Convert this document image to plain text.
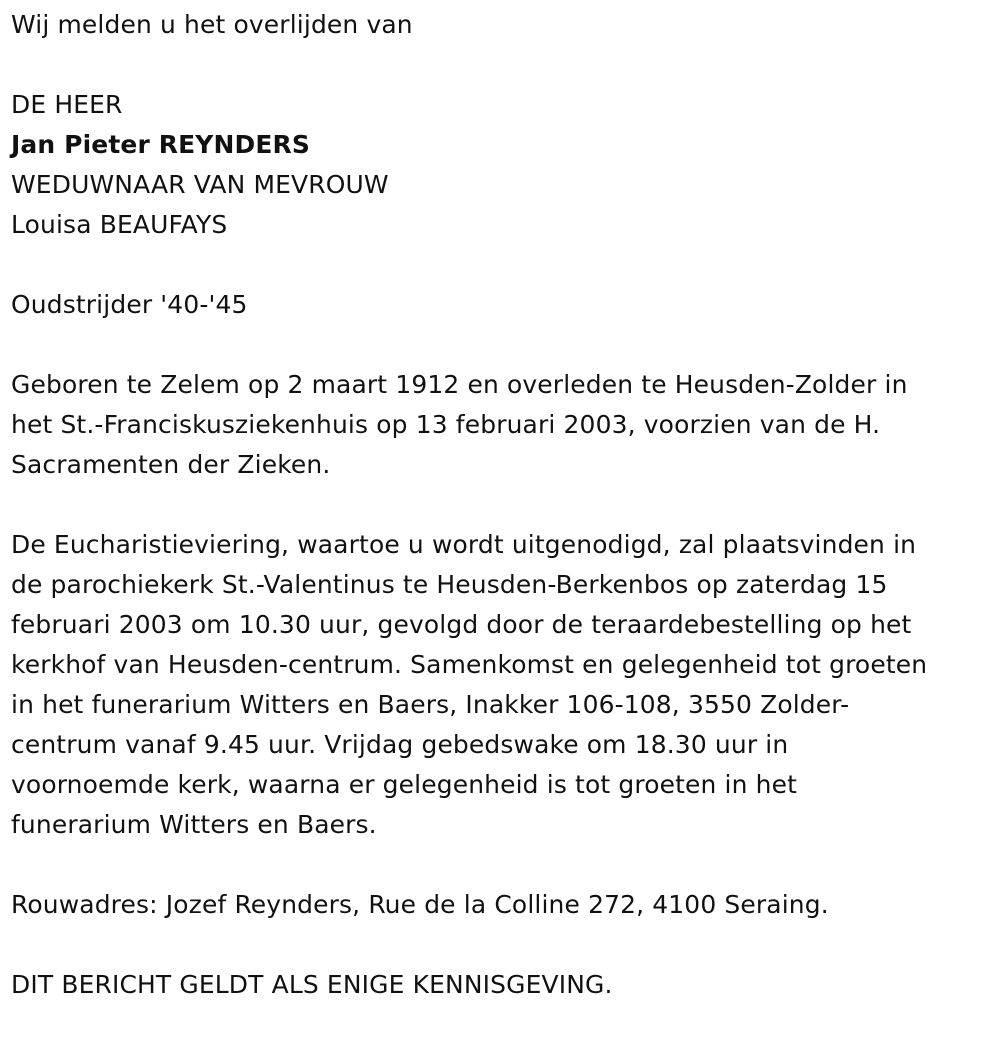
Wij melden u het overlijden van
DE HEER
Jan Pieter REYNDERS
WEDUWNAAR VAN MEVROUW
Louisa BEAUFAYS
Oudstrijder '40-'45
Geboren te Zelem op 2 maart 1912 en overleden te Heusden-Zolder in
het St.-Franciskusziekenhuis op 13 februari 2003, voorzien van de H.
Sacramenten der Zieken.
De Eucharistieviering, waartoe u wordt uitgenodigd, zal plaatsvinden in
de parochiekerk St.-Valentinus te Heusden-Berkenbos op zaterdag 15
februari 2003 om 10.30 uur, gevolgd door de teraardebestelling op het
kerkhof van Heusden-centrum. Samenkomst en gelegenheid tot groeten
in het funerarium Witters en Baers, Inakker 106-108, 3550 Zolder-
centrum vanaf 9.45 uur. Vrijdag gebedswake om 18.30 uur in
voornoemde kerk, waarna er gelegenheid is tot groeten in het
funerarium Witters en Baers.
Rouwadres: Jozef Reynders, Rue de la Colline 272, 4100 Seraing.
DIT BERICHT GELDT ALS ENIGE KENNISGEVING.
